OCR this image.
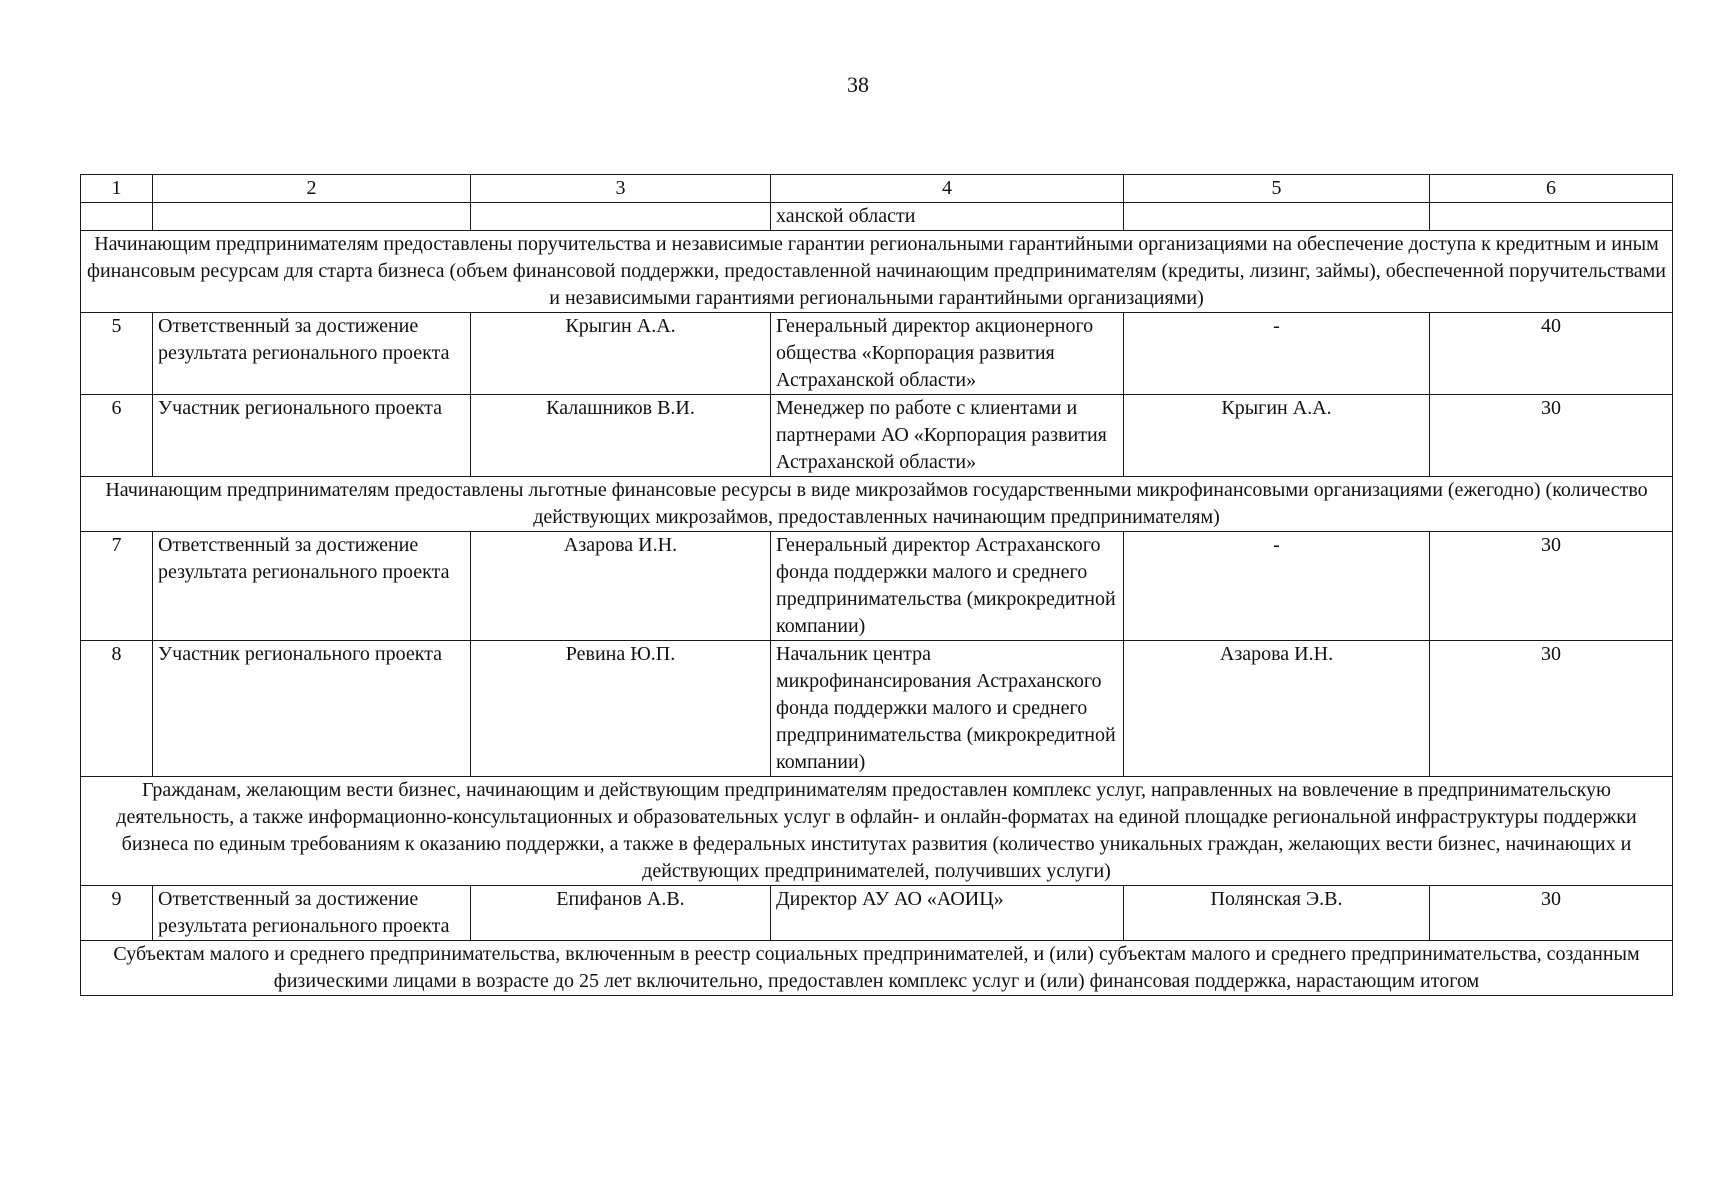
38
1	2	3	4	5	6
			ханской области		
Начинающим предпринимателям предоставлены поручительства и независимые гарантии региональными гарантийными организациями на обеспечение доступа к кредитным и иным финансовым ресурсам для старта бизнеса (объем финансовой поддержки, предоставленной начинающим предпринимателям (кредиты, лизинг, займы), обеспеченной поручительствами и независимыми гарантиями региональными гарантийными организациями)					
5	Ответственный за достижение результата регионального проекта	Крыгин А.А.	Генеральный директор акционерного общества «Корпорация развития Астраханской области»	-	40
6	Участник регионального проекта	Калашников В.И.	Менеджер по работе с клиентами и партнерами АО «Корпорация развития Астраханской области»	Крыгин А.А.	30
Начинающим предпринимателям предоставлены льготные финансовые ресурсы в виде микрозаймов государственными микрофинансовыми организациями (ежегодно) (количество действующих микрозаймов, предоставленных начинающим предпринимателям)					
7	Ответственный за достижение результата регионального проекта	Азарова И.Н.	Генеральный директор Астраханского фонда поддержки малого и среднего предпринимательства (микрокредитной компании)	-	30
8	Участник регионального проекта	Ревина Ю.П.	Начальник центра микрофинансирования Астраханского фонда поддержки малого и среднего предпринимательства (микрокредитной компании)	Азарова И.Н.	30
Гражданам, желающим вести бизнес, начинающим и действующим предпринимателям предоставлен комплекс услуг, направленных на вовлечение в предпринимательскую деятельность, а также информационно-консультационных и образовательных услуг в офлайн- и онлайн-форматах на единой площадке региональной инфраструктуры поддержки бизнеса по единым требованиям к оказанию поддержки, а также в федеральных институтах развития (количество уникальных граждан, желающих вести бизнес, начинающих и действующих предпринимателей, получивших услуги)					
9	Ответственный за достижение результата регионального проекта	Епифанов А.В.	Директор АУ АО «АОИЦ»	Полянская Э.В.	30
Субъектам малого и среднего предпринимательства, включенным в реестр социальных предпринимателей, и (или) субъектам малого и среднего предпринимательства, созданным физическими лицами в возрасте до 25 лет включительно, предоставлен комплекс услуг и (или) финансовая поддержка, нарастающим итогом					
